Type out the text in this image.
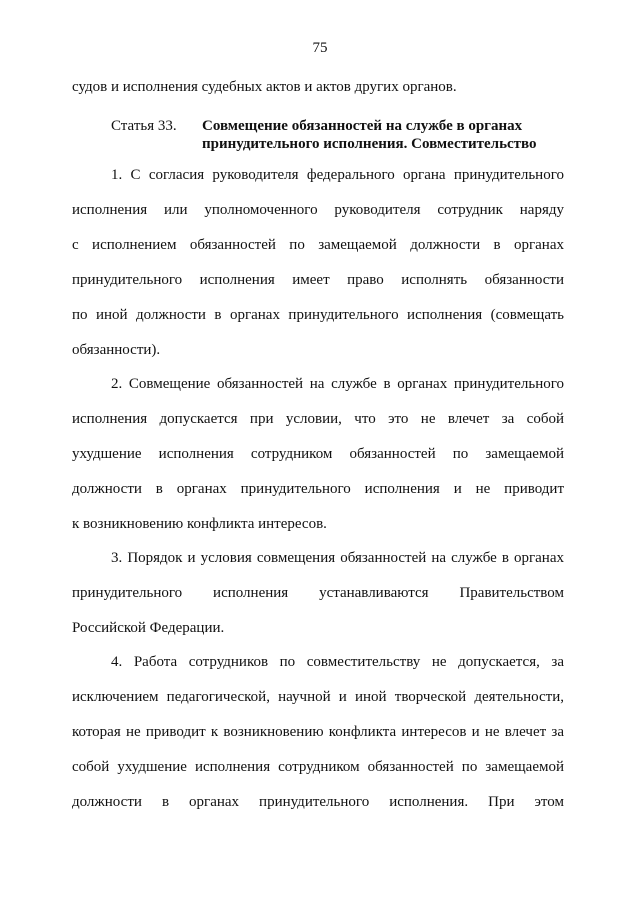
75
судов и исполнения судебных актов и актов других органов.
Статья 33. Совмещение обязанностей на службе в органах
принудительного исполнения. Совместительство
1. С согласия руководителя федерального органа принудительного
исполнения или уполномоченного руководителя сотрудник наряду
с исполнением обязанностей по замещаемой должности в органах
принудительного исполнения имеет право исполнять обязанности
по иной должности в органах принудительного исполнения (совмещать
обязанности).
2. Совмещение обязанностей на службе в органах принудительного
исполнения допускается при условии, что это не влечет за собой
ухудшение исполнения сотрудником обязанностей по замещаемой
должности в органах принудительного исполнения и не приводит
к возникновению конфликта интересов.
3. Порядок и условия совмещения обязанностей на службе в органах
принудительного исполнения устанавливаются Правительством
Российской Федерации.
4. Работа сотрудников по совместительству не допускается, за
исключением педагогической, научной и иной творческой деятельности,
которая не приводит к возникновению конфликта интересов и не влечет за
собой ухудшение исполнения сотрудником обязанностей по замещаемой
должности в органах принудительного исполнения. При этом
